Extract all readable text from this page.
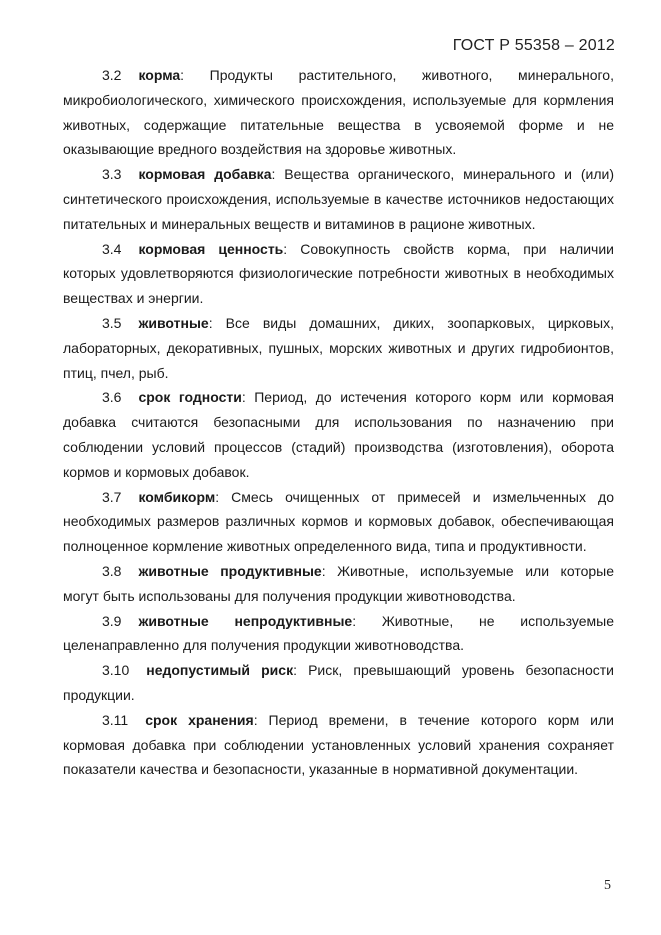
ГОСТ Р 55358 – 2012

3.2 корма: Продукты растительного, животного, минерального, микробиологического, химического происхождения, используемые для кормления животных, содержащие питательные вещества в усвояемой форме и не оказывающие вредного воздействия на здоровье животных.

3.3 кормовая добавка: Вещества органического, минерального и (или) синтетического происхождения, используемые в качестве источников недостающих питательных и минеральных веществ и витаминов в рационе животных.

3.4 кормовая ценность: Совокупность свойств корма, при наличии которых удовлетворяются физиологические потребности животных в необходимых веществах и энергии.

3.5 животные: Все виды домашних, диких, зоопарковых, цирковых, лабораторных, декоративных, пушных, морских животных и других гидробионтов, птиц, пчел, рыб.

3.6 срок годности: Период, до истечения которого корм или кормовая добавка считаются безопасными для использования по назначению при соблюдении условий процессов (стадий) производства (изготовления), оборота кормов и кормовых добавок.

3.7 комбикорм: Смесь очищенных от примесей и измельченных до необходимых размеров различных кормов и кормовых добавок, обеспечивающая полноценное кормление животных определенного вида, типа и продуктивности.

3.8 животные продуктивные: Животные, используемые или которые могут быть использованы для получения продукции животноводства.

3.9 животные непродуктивные: Животные, не используемые целенаправленно для получения продукции животноводства.

3.10 недопустимый риск: Риск, превышающий уровень безопасности продукции.

3.11 срок хранения: Период времени, в течение которого корм или кормовая добавка при соблюдении установленных условий хранения сохраняет показатели качества и безопасности, указанные в нормативной документации.

5
